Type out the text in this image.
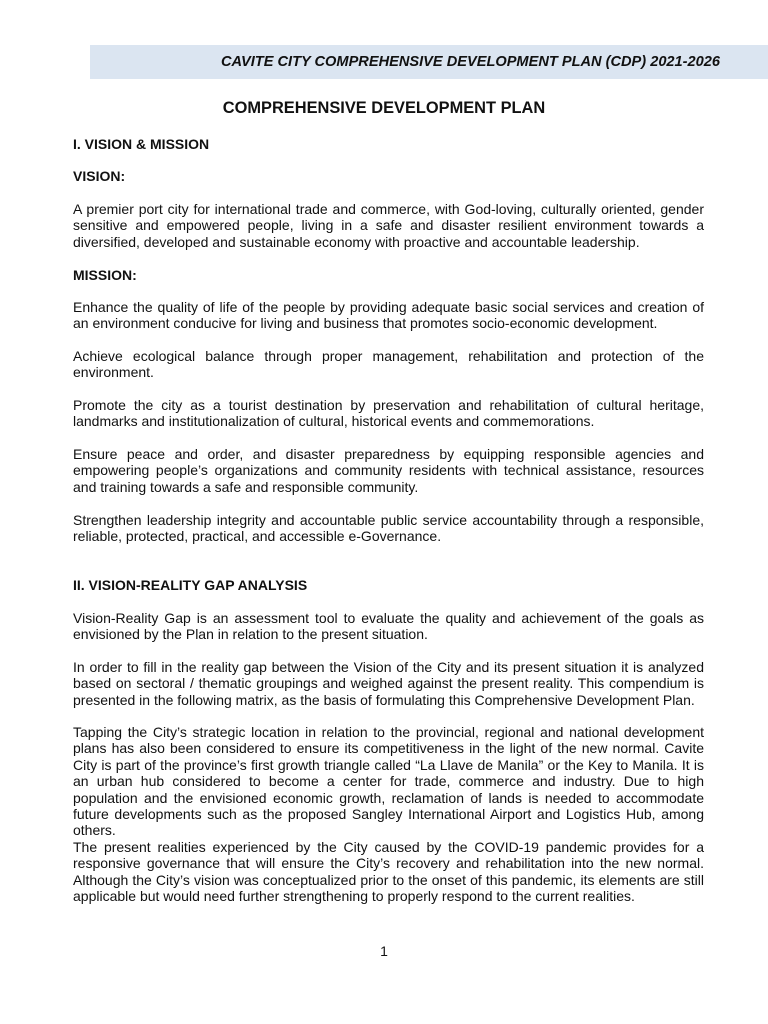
CAVITE CITY COMPREHENSIVE DEVELOPMENT PLAN (CDP) 2021-2026
COMPREHENSIVE DEVELOPMENT PLAN
I. VISION & MISSION
VISION:

A premier port city for international trade and commerce, with God-loving, culturally oriented, gender sensitive and empowered people, living in a safe and disaster resilient environment towards a diversified, developed and sustainable economy with proactive and accountable leadership.

MISSION:

Enhance the quality of life of the people by providing adequate basic social services and creation of an environment conducive for living and business that promotes socio-economic development.

Achieve ecological balance through proper management, rehabilitation and protection of the environment.

Promote the city as a tourist destination by preservation and rehabilitation of cultural heritage, landmarks and institutionalization of cultural, historical events and commemorations.

Ensure peace and order, and disaster preparedness by equipping responsible agencies and empowering people’s organizations and community residents with technical assistance, resources and training towards a safe and responsible community.

Strengthen leadership integrity and accountable public service accountability through a responsible, reliable, protected, practical, and accessible e-Governance.

II. VISION-REALITY GAP ANALYSIS

Vision-Reality Gap is an assessment tool to evaluate the quality and achievement of the goals as envisioned by the Plan in relation to the present situation.

In order to fill in the reality gap between the Vision of the City and its present situation it is analyzed based on sectoral / thematic groupings and weighed against the present reality. This compendium is presented in the following matrix, as the basis of formulating this Comprehensive Development Plan.

Tapping the City’s strategic location in relation to the provincial, regional and national development plans has also been considered to ensure its competitiveness in the light of the new normal. Cavite City is part of the province’s first growth triangle called “La Llave de Manila” or the Key to Manila. It is an urban hub considered to become a center for trade, commerce and industry. Due to high population and the envisioned economic growth, reclamation of lands is needed to accommodate future developments such as the proposed Sangley International Airport and Logistics Hub, among others.

The present realities experienced by the City caused by the COVID-19 pandemic provides for a responsive governance that will ensure the City’s recovery and rehabilitation into the new normal. Although the City’s vision was conceptualized prior to the onset of this pandemic, its elements are still applicable but would need further strengthening to properly respond to the current realities.

1
